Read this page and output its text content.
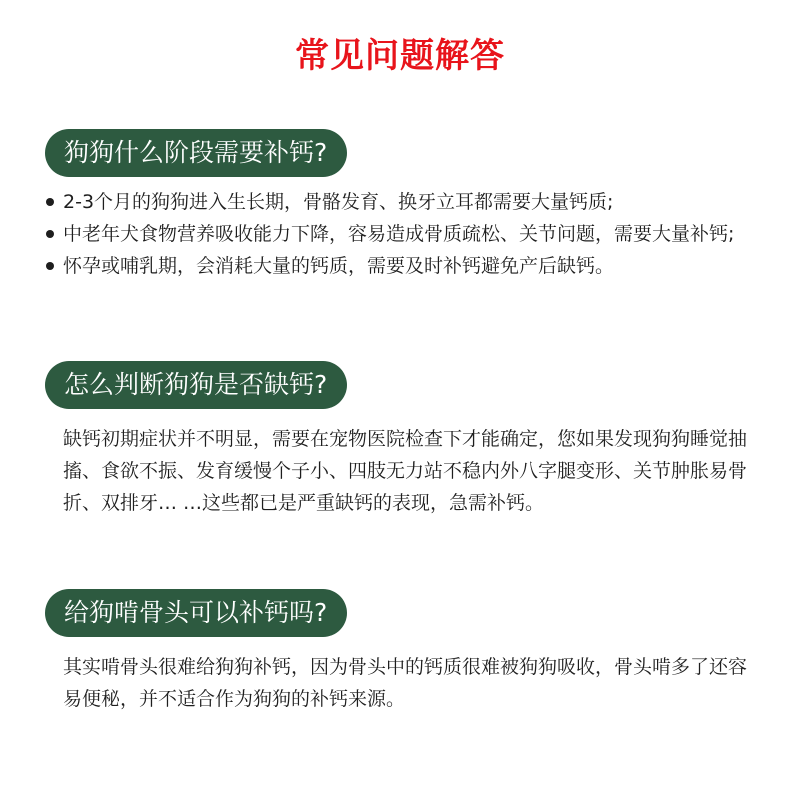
常见问题解答
狗狗什么阶段需要补钙?
2-3个月的狗狗进入生长期，骨骼发育、换牙立耳都需要大量钙质;
中老年犬食物营养吸收能力下降，容易造成骨质疏松、关节问题，需要大量补钙;
怀孕或哺乳期，会消耗大量的钙质，需要及时补钙避免产后缺钙。
怎么判断狗狗是否缺钙?

缺钙初期症状并不明显，需要在宠物医院检查下才能确定，您如果发现狗狗睡觉抽搐、食欲不振、发育缓慢个子小、四肢无力站不稳内外八字腿变形、关节肿胀易骨折、双排牙… …这些都已是严重缺钙的表现，急需补钙。

给狗啃骨头可以补钙吗?

其实啃骨头很难给狗狗补钙，因为骨头中的钙质很难被狗狗吸收，骨头啃多了还容易便秘，并不适合作为狗狗的补钙来源。
